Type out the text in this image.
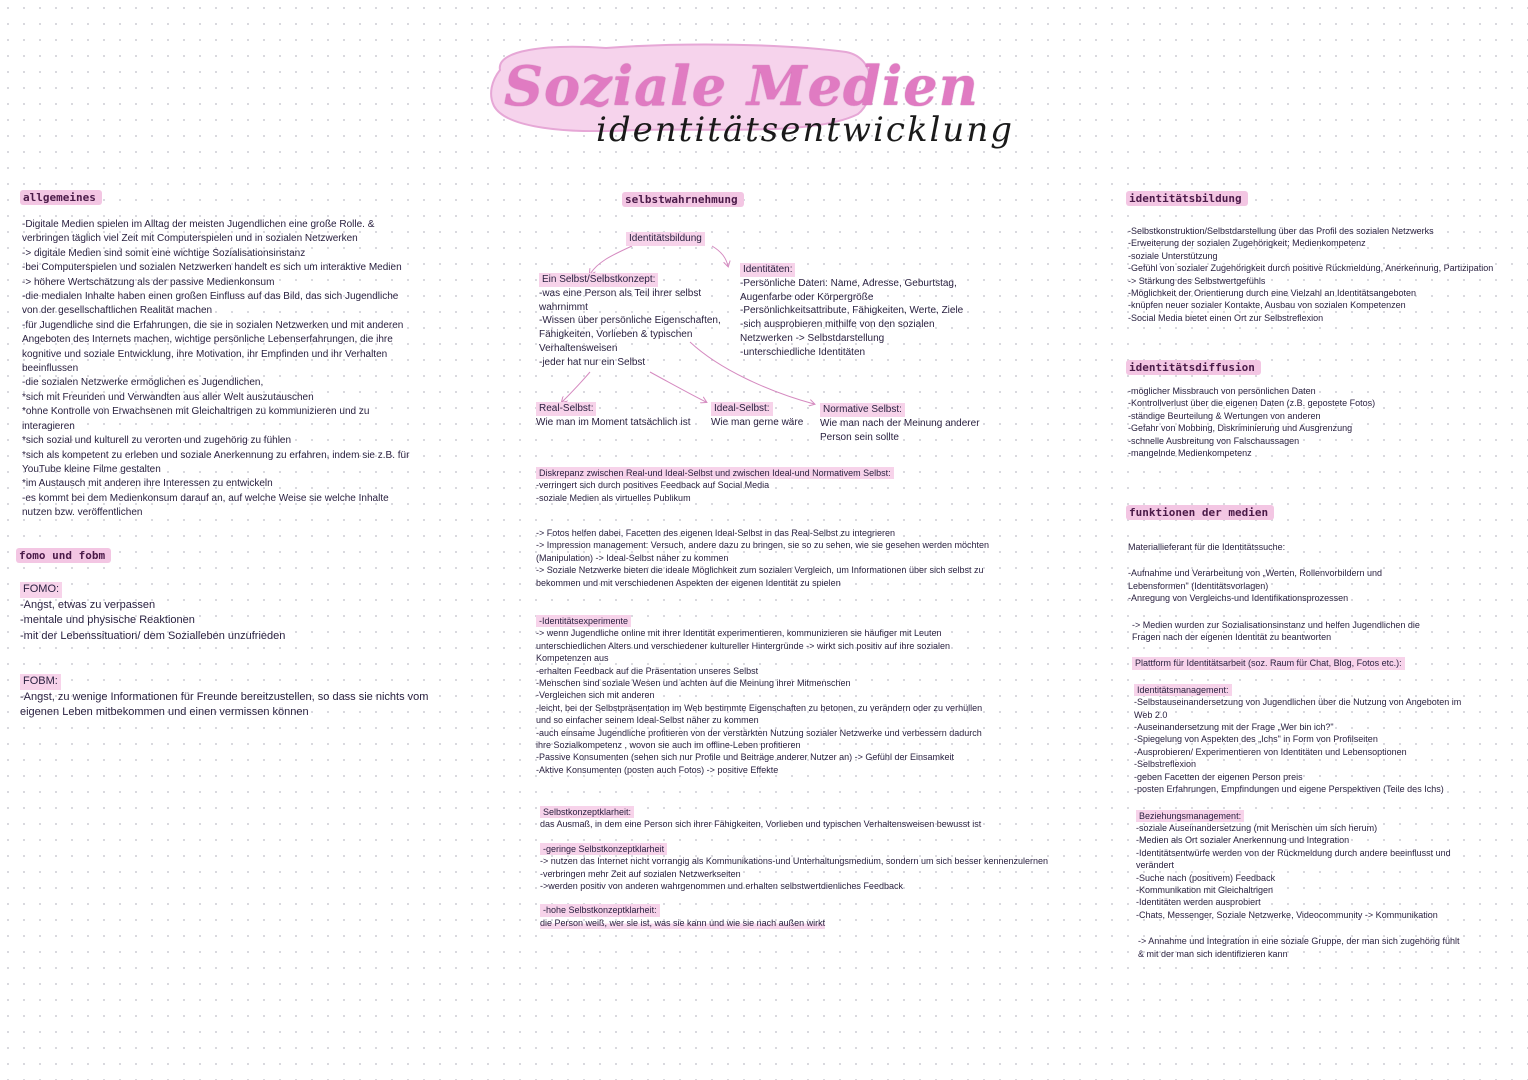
Soziale Medien
identitätsentwicklung
allgemeines
-Digitale Medien spielen im Alltag der meisten Jugendlichen eine große Rolle. &
verbringen täglich viel Zeit mit Computerspielen und in sozialen Netzwerken
-> digitale Medien sind somit eine wichtige Sozialisationsinstanz
-bei Computerspielen und sozialen Netzwerken handelt es sich um interaktive Medien
-> höhere Wertschätzung als der passive Medienkonsum
-die medialen Inhalte haben einen großen Einfluss auf das Bild, das sich Jugendliche
von der gesellschaftlichen Realität machen
-für Jugendliche sind die Erfahrungen, die sie in sozialen Netzwerken und mit anderen
Angeboten des Internets machen, wichtige persönliche Lebenserfahrungen, die ihre
kognitive und soziale Entwicklung, ihre Motivation, ihr Empfinden und ihr Verhalten
beeinflussen
-die sozialen Netzwerke ermöglichen es Jugendlichen,
*sich mit Freunden und Verwandten aus aller Welt auszutauschen
*ohne Kontrolle von Erwachsenen mit Gleichaltrigen zu kommunizieren und zu
interagieren
*sich sozial und kulturell zu verorten und zugehörig zu fühlen
*sich als kompetent zu erleben und soziale Anerkennung zu erfahren, indem sie z.B. für
YouTube kleine Filme gestalten
*im Austausch mit anderen ihre Interessen zu entwickeln
-es kommt bei dem Medienkonsum darauf an, auf welche Weise sie welche Inhalte
nutzen bzw. veröffentlichen
fomo und fobm
FOMO:
-Angst, etwas zu verpassen
-mentale und physische Reaktionen
-mit der Lebenssituation/ dem Sozialleben unzufrieden
FOBM:
-Angst, zu wenige Informationen für Freunde bereitzustellen, so dass sie nichts vom
eigenen Leben mitbekommen und einen vermissen können
selbstwahrnehmung
Identitätsbildung
Ein Selbst/Selbstkonzept:
-was eine Person als Teil ihrer selbst
wahrnimmt
-Wissen über persönliche Eigenschaften,
Fähigkeiten, Vorlieben & typischen
Verhaltensweisen
-jeder hat nur ein Selbst
Identitäten:
-Persönliche Daten: Name, Adresse, Geburtstag,
Augenfarbe oder Körpergröße
-Persönlichkeitsattribute, Fähigkeiten, Werte, Ziele
-sich ausprobieren mithilfe von den sozialen
Netzwerken -> Selbstdarstellung
-unterschiedliche Identitäten
Real-Selbst:
Wie man im Moment tatsächlich ist
Ideal-Selbst:
Wie man gerne wäre
Normative Selbst:
Wie man nach der Meinung anderer
Person sein sollte
Diskrepanz zwischen Real-und Ideal-Selbst und zwischen Ideal-und Normativem Selbst:
-verringert sich durch positives Feedback auf Social Media
-soziale Medien als virtuelles Publikum
-> Fotos helfen dabei, Facetten des eigenen Ideal-Selbst in das Real-Selbst zu integrieren
-> Impression management: Versuch, andere dazu zu bringen, sie so zu sehen, wie sie gesehen werden möchten
(Manipulation) -> Ideal-Selbst näher zu kommen
-> Soziale Netzwerke bieten die ideale Möglichkeit zum sozialen Vergleich, um Informationen über sich selbst zu
bekommen und mit verschiedenen Aspekten der eigenen Identität zu spielen
-Identitätsexperimente
-> wenn Jugendliche online mit ihrer Identität experimentieren, kommunizieren sie häufiger mit Leuten
unterschiedlichen Alters und verschiedener kultureller Hintergründe -> wirkt sich positiv auf ihre sozialen
Kompetenzen aus
-erhalten Feedback auf die Präsentation unseres Selbst
-Menschen sind soziale Wesen und achten auf die Meinung ihrer Mitmenschen
-Vergleichen sich mit anderen
-leicht, bei der Selbstpräsentation im Web bestimmte Eigenschaften zu betonen, zu verändern oder zu verhüllen
und so einfacher seinem Ideal-Selbst näher zu kommen
-auch einsame Jugendliche profitieren von der verstärkten Nutzung sozialer Netzwerke und verbessern dadurch
ihre Sozialkompetenz , wovon sie auch im offline-Leben profitieren
-Passive Konsumenten (sehen sich nur Profile und Beiträge anderer Nutzer an) -> Gefühl der Einsamkeit
-Aktive Konsumenten (posten auch Fotos) -> positive Effekte
Selbstkonzeptklarheit:
das Ausmaß, in dem eine Person sich ihrer Fähigkeiten, Vorlieben und typischen Verhaltensweisen bewusst ist
-geringe Selbstkonzeptklarheit
-> nutzen das Internet nicht vorrangig als Kommunikations-und Unterhaltungsmedium, sondern um sich besser kennenzulernen
-verbringen mehr Zeit auf sozialen Netzwerkseiten
->werden positiv von anderen wahrgenommen und erhalten selbstwertdienliches Feedback
-hohe Selbstkonzeptklarheit:
die Person weiß, wer sie ist, was sie kann und wie sie nach außen wirkt
identitätsbildung
-Selbstkonstruktion/Selbstdarstellung über das Profil des sozialen Netzwerks
-Erweiterung der sozialen Zugehörigkeit; Medienkompetenz
-soziale Unterstützung
-Gefühl von sozialer Zugehörigkeit durch positive Rückmeldung, Anerkennung, Partizipation
-> Stärkung des Selbstwertgefühls
-Möglichkeit der Orientierung durch eine Vielzahl an Identitätsangeboten
-knüpfen neuer sozialer Kontakte, Ausbau von sozialen Kompetenzen
-Social Media bietet einen Ort zur Selbstreflexion
identitätsdiffusion
-möglicher Missbrauch von persönlichen Daten
-Kontrollverlust über die eigenen Daten (z.B. gepostete Fotos)
-ständige Beurteilung & Wertungen von anderen
-Gefahr von Mobbing, Diskriminierung und Ausgrenzung
-schnelle Ausbreitung von Falschaussagen
-mangelnde Medienkompetenz
funktionen der medien
Materiallieferant für die Identitätssuche:
-Aufnahme und Verarbeitung von „Werten, Rollenvorbildern und
Lebensformen" (Identitätsvorlagen)
-Anregung von Vergleichs-und Identifikationsprozessen
-> Medien wurden zur Sozialisationsinstanz und helfen Jugendlichen die
Fragen nach der eigenen Identität zu beantworten
Plattform für Identitätsarbeit (soz. Raum für Chat, Blog, Fotos etc.):
Identitätsmanagement:
-Selbstauseinandersetzung von Jugendlichen über die Nutzung von Angeboten im
Web 2.0
-Auseinandersetzung mit der Frage „Wer bin ich?"
-Spiegelung von Aspekten des „Ichs" in Form von Profilseiten
-Ausprobieren/ Experimentieren von Identitäten und Lebensoptionen
-Selbstreflexion
-geben Facetten der eigenen Person preis
-posten Erfahrungen, Empfindungen und eigene Perspektiven (Teile des Ichs)
Beziehungsmanagement:
-soziale Auseinandersetzung (mit Menschen um sich herum)
-Medien als Ort sozialer Anerkennung und Integration
-Identitätsentwürfe werden von der Rückmeldung durch andere beeinflusst und
verändert
-Suche nach (positivem) Feedback
-Kommunikation mit Gleichaltrigen
-Identitäten werden ausprobiert
-Chats, Messenger, Soziale Netzwerke, Videocommunity -> Kommunikation
-> Annahme und Integration in eine soziale Gruppe, der man sich zugehörig fühlt
& mit der man sich identifizieren kann
